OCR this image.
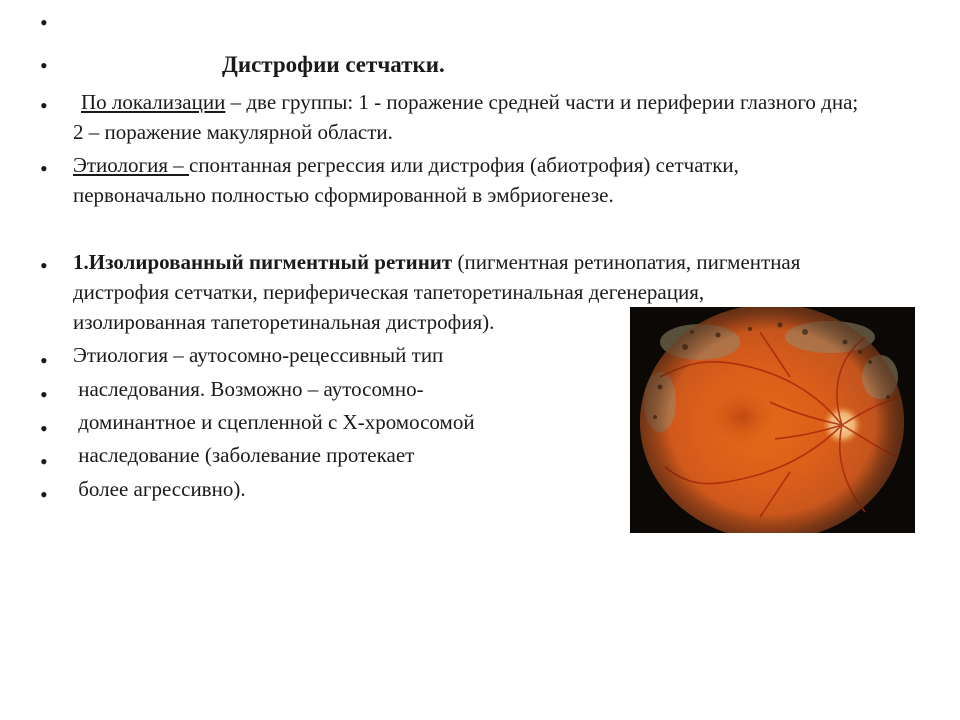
•
•	Дистрофии сетчатки.
•	По локализации – две группы: 1 - поражение средней части и периферии глазного дна; 2 – поражение макулярной области.
• Этиология – спонтанная регрессия или дистрофия (абиотрофия) сетчатки, первоначально полностью сформированной в эмбриогенезе.
• 1.Изолированный пигментный ретинит (пигментная ретинопатия, пигментная дистрофия сетчатки, периферическая тапеторетинальная дегенерация, изолированная тапеторетинальная дистрофия).
• Этиология – аутосомно-рецессивный тип
• наследования. Возможно – аутосомно-
• доминантное и сцепленной с Х-хромосомой
• наследование (заболевание протекает
• более агрессивно).
